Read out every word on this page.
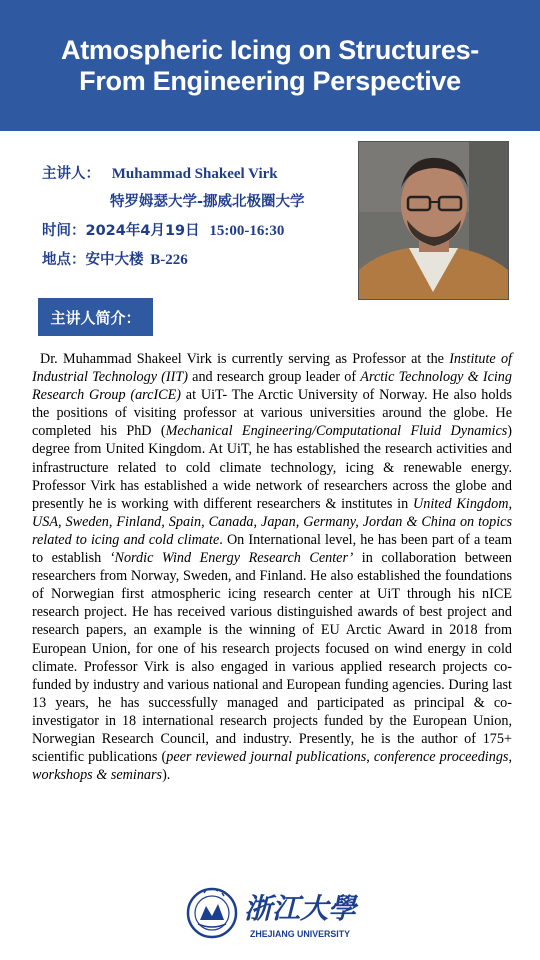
Atmospheric Icing on Structures-
From Engineering Perspective
主讲人： Muhammad Shakeel Virk
特罗姆瑟大学-挪威北极圈大学
时间：2024年4月19日 15:00-16:30
地点：安中大楼 B-226
主讲人简介：
Dr. Muhammad Shakeel Virk is currently serving as Professor at the Institute of Industrial Technology (IIT) and research group leader of Arctic Technology & Icing Research Group (arcICE) at UiT- The Arctic University of Norway. He also holds the positions of visiting professor at various universities around the globe. He completed his PhD (Mechanical Engineering/Computational Fluid Dynamics) degree from United Kingdom. At UiT, he has established the research activities and infrastructure related to cold climate technology, icing & renewable energy. Professor Virk has established a wide network of researchers across the globe and presently he is working with different researchers & institutes in United Kingdom, USA, Sweden, Finland, Spain, Canada, Japan, Germany, Jordan & China on topics related to icing and cold climate. On International level, he has been part of a team to establish ‘Nordic Wind Energy Research Center’ in collaboration between researchers from Norway, Sweden, and Finland. He also established the foundations of Norwegian first atmospheric icing research center at UiT through his nICE research project. He has received various distinguished awards of best project and research papers, an example is the winning of EU Arctic Award in 2018 from European Union, for one of his research projects focused on wind energy in cold climate. Professor Virk is also engaged in various applied research projects co-funded by industry and various national and European funding agencies. During last 13 years, he has successfully managed and participated as principal & co-investigator in 18 international research projects funded by the European Union, Norwegian Research Council, and industry. Presently, he is the author of 175+ scientific publications (peer reviewed journal publications, conference proceedings, workshops & seminars).
浙江大學
ZHEJIANG UNIVERSITY
